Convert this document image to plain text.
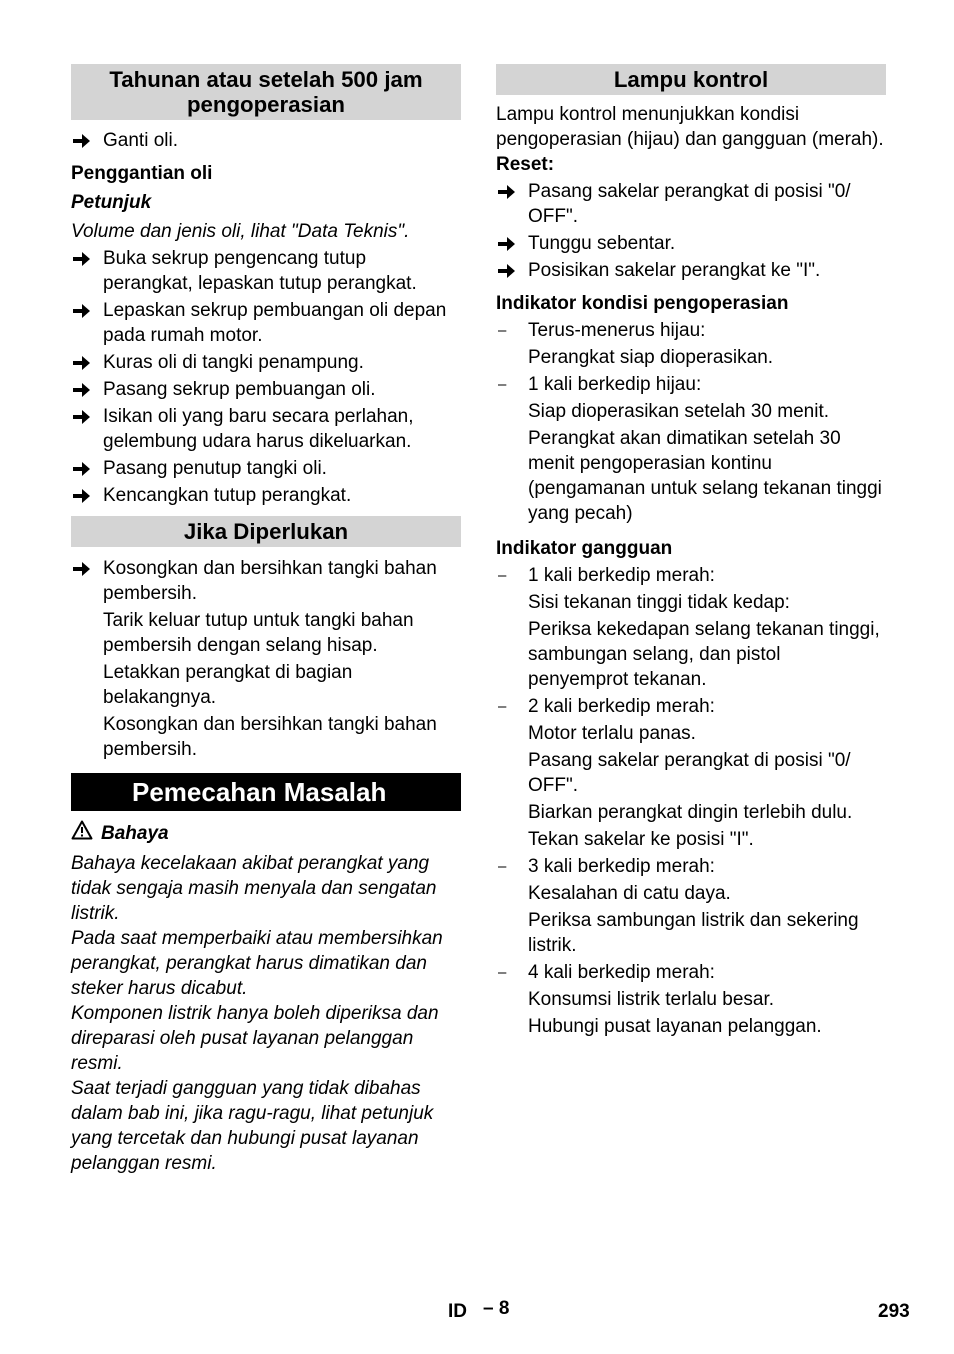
Tahunan atau setelah 500 jam pengoperasian
Ganti oli.

Penggantian oli

Petunjuk

Volume dan jenis oli, lihat "Data Teknis".

Buka sekrup pengencang tutup perangkat, lepaskan tutup perangkat.
Lepaskan sekrup pembuangan oli depan pada rumah motor.
Kuras oli di tangki penampung.
Pasang sekrup pembuangan oli.
Isikan oli yang baru secara perlahan, gelembung udara harus dikeluarkan.
Pasang penutup tangki oli.
Kencangkan tutup perangkat.
Jika Diperlukan
Kosongkan dan bersihkan tangki bahan pembersih.
Tarik keluar tutup untuk tangki bahan pembersih dengan selang hisap.
Letakkan perangkat di bagian belakangnya.
Kosongkan dan bersihkan tangki bahan pembersih.
Pemecahan Masalah
Bahaya

Bahaya kecelakaan akibat perangkat yang tidak sengaja masih menyala dan sengatan listrik.

Pada saat memperbaiki atau membersihkan perangkat, perangkat harus dimatikan dan steker harus dicabut.

Komponen listrik hanya boleh diperiksa dan direparasi oleh pusat layanan pelanggan resmi.

Saat terjadi gangguan yang tidak dibahas dalam bab ini, jika ragu-ragu, lihat petunjuk yang tercetak dan hubungi pusat layanan pelanggan resmi.

Lampu kontrol

Lampu kontrol menunjukkan kondisi pengoperasian (hijau) dan gangguan (merah).

Reset:

Pasang sakelar perangkat di posisi "0/ OFF".
Tunggu sebentar.
Posisikan sakelar perangkat ke "I".

Indikator kondisi pengoperasian

– Terus-menerus hijau:
Perangkat siap dioperasikan.
– 1 kali berkedip hijau:
Siap dioperasikan setelah 30 menit.
Perangkat akan dimatikan setelah 30 menit pengoperasian kontinu (pengamanan untuk selang tekanan tinggi yang pecah)

Indikator gangguan

– 1 kali berkedip merah:
Sisi tekanan tinggi tidak kedap:
Periksa kekedapan selang tekanan tinggi, sambungan selang, dan pistol penyemprot tekanan.
– 2 kali berkedip merah:
Motor terlalu panas.
Pasang sakelar perangkat di posisi "0/ OFF".
Biarkan perangkat dingin terlebih dulu.
Tekan sakelar ke posisi "I".
– 3 kali berkedip merah:
Kesalahan di catu daya.
Periksa sambungan listrik dan sekering listrik.
– 4 kali berkedip merah:
Konsumsi listrik terlalu besar.
Hubungi pusat layanan pelanggan.
ID – 8	293
